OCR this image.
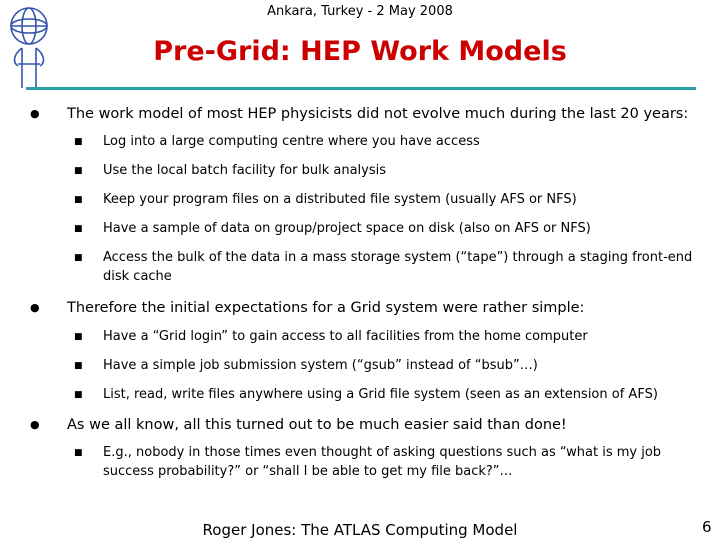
Ankara, Turkey - 2 May 2008
Pre-Grid: HEP Work Models
● The work model of most HEP physicists did not evolve much during the last 20 years:
■ Log into a large computing centre where you have access
■ Use the local batch facility for bulk analysis
■ Keep your program files on a distributed file system (usually AFS or NFS)
■ Have a sample of data on group/project space on disk (also on AFS or NFS)
■ Access the bulk of the data in a mass storage system (“tape”) through a staging front-end disk cache
● Therefore the initial expectations for a Grid system were rather simple:
■ Have a “Grid login” to gain access to all facilities from the home computer
■ Have a simple job submission system (“gsub” instead of “bsub”…)
■ List, read, write files anywhere using a Grid file system (seen as an extension of AFS)
● As we all know, all this turned out to be much easier said than done!
■ E.g., nobody in those times even thought of asking questions such as “what is my job success probability?” or “shall I be able to get my file back?”…
Roger Jones: The ATLAS Computing Model	6
